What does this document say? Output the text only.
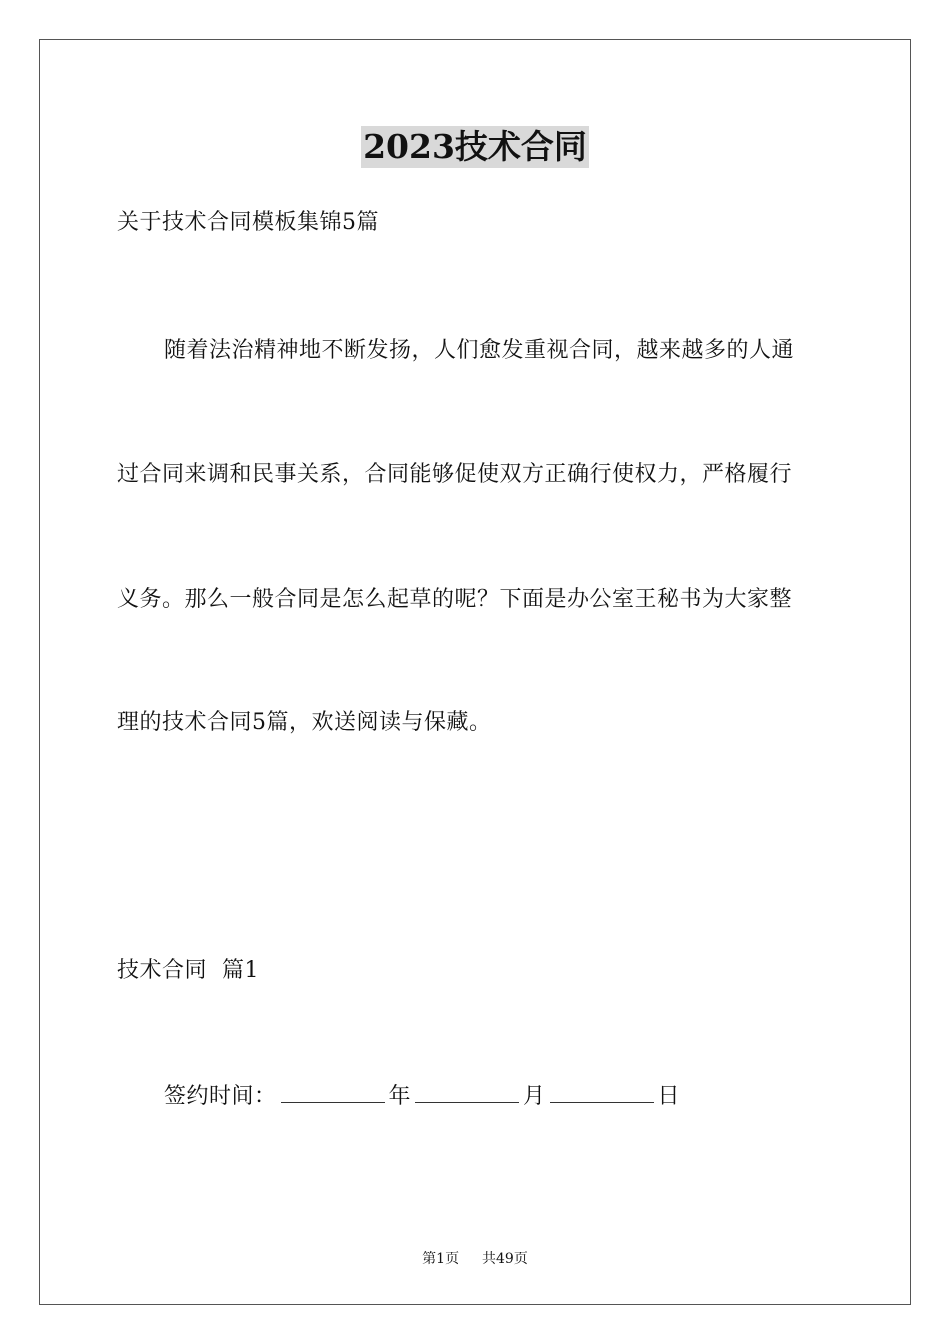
2023技术合同
关于技术合同模板集锦5篇
随着法治精神地不断发扬，人们愈发重视合同，越来越多的人通
过合同来调和民事关系，合同能够促使双方正确行使权力，严格履行
义务。那么一般合同是怎么起草的呢？下面是办公室王秘书为大家整
理的技术合同5篇，欢送阅读与保藏。
技术合同  篇1
签约时间：	年	月	日
第1页 共49页
